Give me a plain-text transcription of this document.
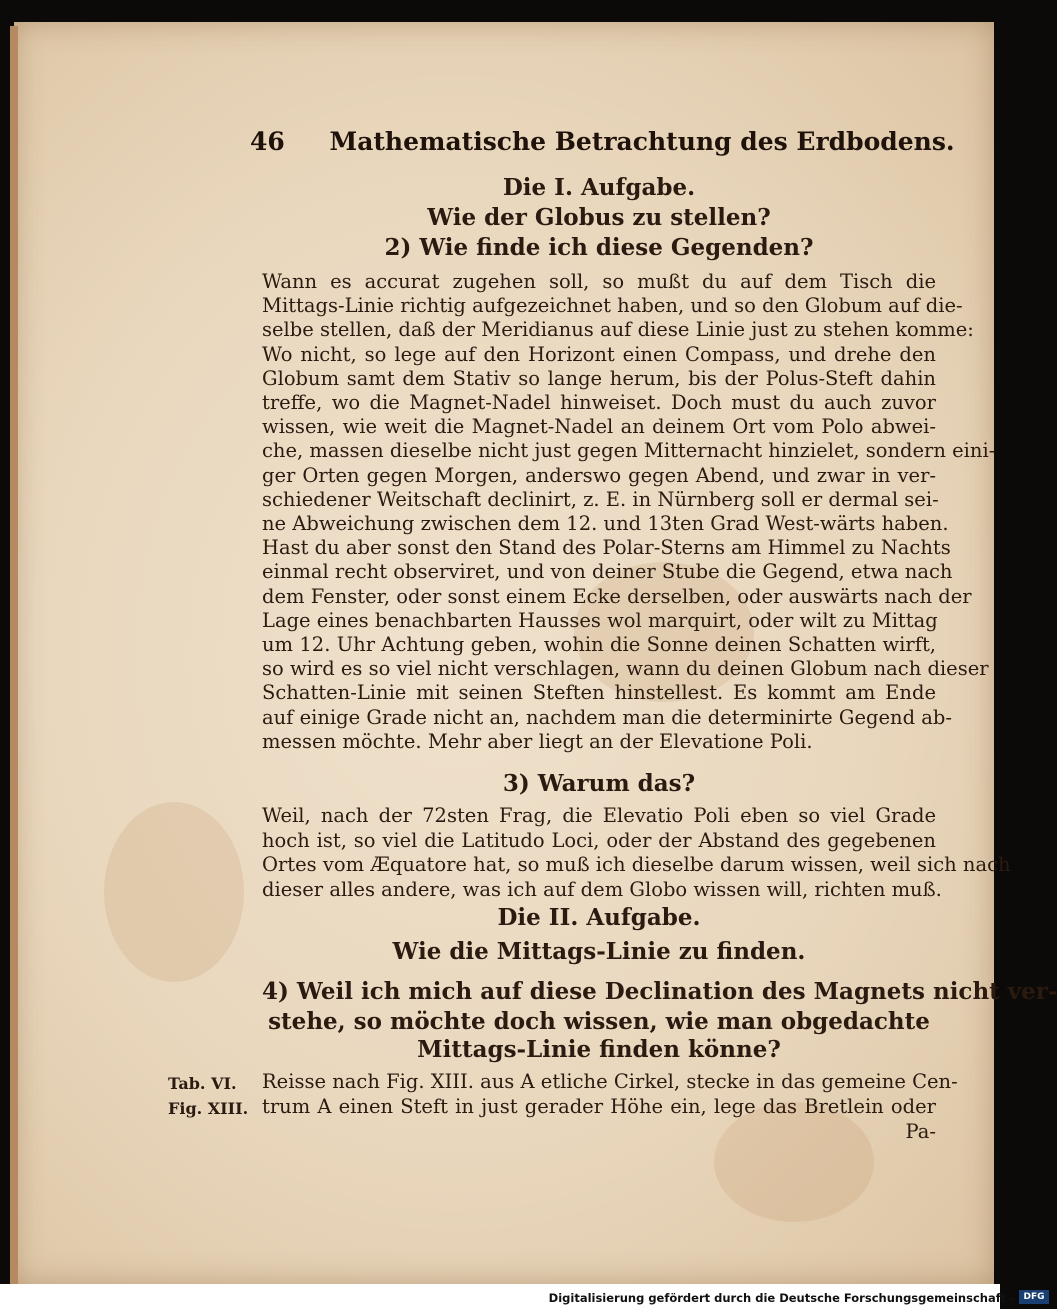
46 Mathematische Betrachtung des Erdbodens.
Die I. Aufgabe.
Wie der Globus zu stellen?
2) Wie finde ich diese Gegenden?
Wann es accurat zugehen soll, so mußt du auf dem Tisch die
Mittags-Linie richtig aufgezeichnet haben, und so den Globum auf die-
selbe stellen, daß der Meridianus auf diese Linie just zu stehen komme:
Wo nicht, so lege auf den Horizont einen Compass, und drehe den
Globum samt dem Stativ so lange herum, bis der Polus-Steft dahin
treffe, wo die Magnet-Nadel hinweiset. Doch must du auch zuvor
wissen, wie weit die Magnet-Nadel an deinem Ort vom Polo abwei-
che, massen dieselbe nicht just gegen Mitternacht hinzielet, sondern eini-
ger Orten gegen Morgen, anderswo gegen Abend, und zwar in ver-
schiedener Weitschaft declinirt, z. E. in Nürnberg soll er dermal sei-
ne Abweichung zwischen dem 12. und 13ten Grad West-wärts haben.
Hast du aber sonst den Stand des Polar-Sterns am Himmel zu Nachts
einmal recht observiret, und von deiner Stube die Gegend, etwa nach
dem Fenster, oder sonst einem Ecke derselben, oder auswärts nach der
Lage eines benachbarten Hausses wol marquirt, oder wilt zu Mittag
um 12. Uhr Achtung geben, wohin die Sonne deinen Schatten wirft,
so wird es so viel nicht verschlagen, wann du deinen Globum nach dieser
Schatten-Linie mit seinen Steften hinstellest. Es kommt am Ende
auf einige Grade nicht an, nachdem man die determinirte Gegend ab-
messen möchte. Mehr aber liegt an der Elevatione Poli.
3) Warum das?
Weil, nach der 72sten Frag, die Elevatio Poli eben so viel Grade
hoch ist, so viel die Latitudo Loci, oder der Abstand des gegebenen
Ortes vom Æquatore hat, so muß ich dieselbe darum wissen, weil sich nach
dieser alles andere, was ich auf dem Globo wissen will, richten muß.
Die II. Aufgabe.
Wie die Mittags-Linie zu finden.
4) Weil ich mich auf diese Declination des Magnets nicht ver-
stehe, so möchte doch wissen, wie man obgedachte
Mittags-Linie finden könne?
Tab. VI.
Fig. XIII.
Reisse nach Fig. XIII. aus A etliche Cirkel, stecke in das gemeine Cen-
trum A einen Steft in just gerader Höhe ein, lege das Bretlein oder
Pa-
Digitalisierung gefördert durch die Deutsche Forschungsgemeinschaft - DFG
